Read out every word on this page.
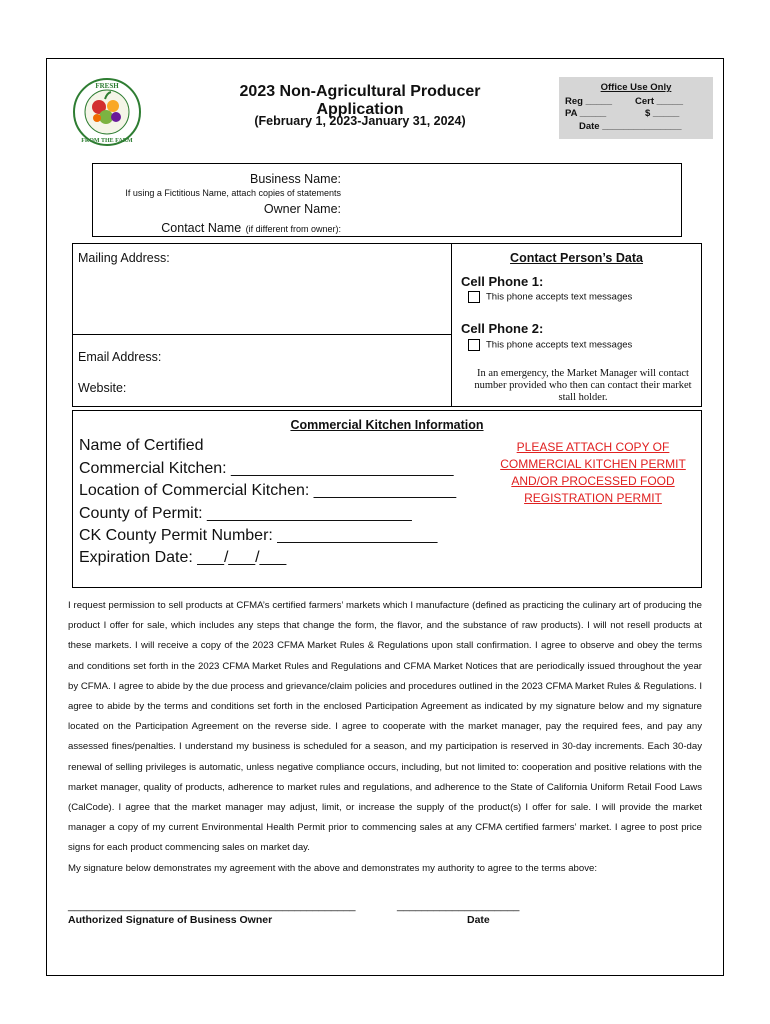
FRESH
FROM THE FARM
2023 Non-Agricultural Producer Application
(February 1, 2023-January 31, 2024)
Office Use Only
Reg _____ Cert _____
PA _____	$ _____
Date _______________
Business Name:
If using a Fictitious Name, attach copies of statements
Owner Name:
Contact Name (if different from owner):
Mailing Address:
Email Address:
Website:
Contact Person’s Data
Cell Phone 1:
This phone accepts text messages
Cell Phone 2:
This phone accepts text messages
In an emergency, the Market Manager will contact number provided who then can contact their market stall holder.
Commercial Kitchen Information
Name of Certified
Commercial Kitchen: _________________________
Location of Commercial Kitchen: ________________
County of Permit: _______________________
CK County Permit Number: __________________
Expiration Date: ___/___/___
PLEASE ATTACH COPY OF
COMMERCIAL KITCHEN PERMIT
AND/OR PROCESSED FOOD
REGISTRATION PERMIT

I request permission to sell products at CFMA’s certified farmers’ markets which I manufacture (defined as practicing the culinary art of producing the product I offer for sale, which includes any steps that change the form, the flavor, and the substance of raw products). I will not resell products at these markets. I will receive a copy of the 2023 CFMA Market Rules & Regulations upon stall confirmation. I agree to observe and obey the terms and conditions set forth in the 2023 CFMA Market Rules and Regulations and CFMA Market Notices that are periodically issued throughout the year by CFMA. I agree to abide by the due process and grievance/claim policies and procedures outlined in the 2023 CFMA Market Rules & Regulations. I agree to abide by the terms and conditions set forth in the enclosed Participation Agreement as indicated by my signature below and my signature located on the Participation Agreement on the reverse side. I agree to cooperate with the market manager, pay the required fees, and pay any assessed fines/penalties. I understand my business is scheduled for a season, and my participation is reserved in 30-day increments. Each 30-day renewal of selling privileges is automatic, unless negative compliance occurs, including, but not limited to: cooperation and positive relations with the market manager, quality of products, adherence to market rules and regulations, and adherence to the State of California Uniform Retail Food Laws (CalCode). I agree that the market manager may adjust, limit, or increase the supply of the product(s) I offer for sale. I will provide the market manager a copy of my current Environmental Health Permit prior to commencing sales at any CFMA certified farmers’ market. I agree to post price signs for each product commencing sales on market day.

My signature below demonstrates my agreement with the above and demonstrates my authority to agree to the terms above:

_______________________________________________	____________________
Authorized Signature of Business Owner	Date
